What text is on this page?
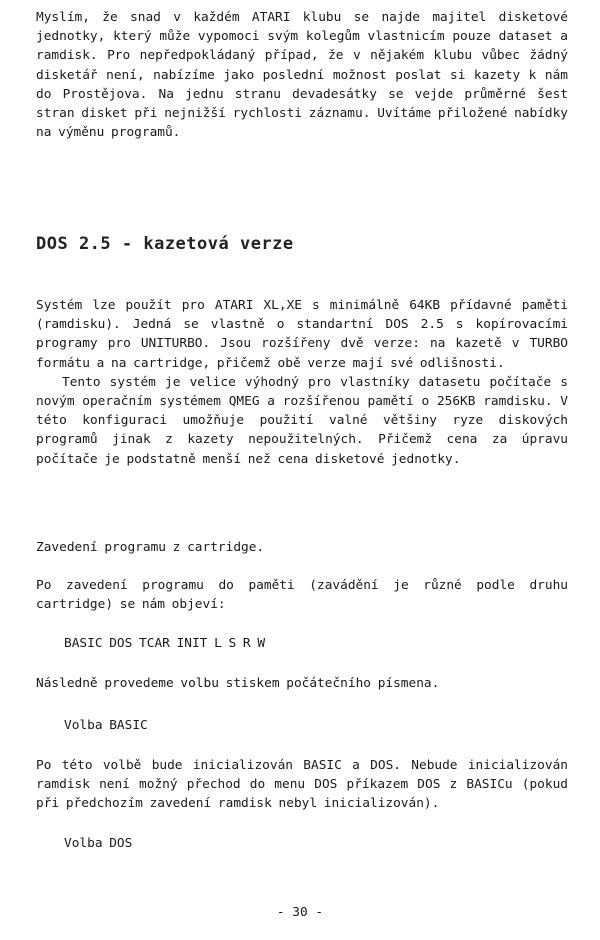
Myslím, že snad v každém ATARI klubu se najde majitel disketové jednotky, který může vypomoci svým kolegům vlastnicím pouze dataset a ramdisk. Pro nepředpokládaný případ, že v nějakém klubu vůbec žádný disketář není, nabízíme jako poslední možnost poslat si kazety k nám do Prostějova. Na jednu stranu devadesátky se vejde průměrné šest stran disket při nejnižší rychlosti záznamu. Uvítáme přiložené nabídky na výměnu programů.

DOS 2.5 - kazetová verze

Systém lze použít pro ATARI XL,XE s minimálně 64KB přídavné paměti (ramdisku). Jedná se vlastně o standartní DOS 2.5 s kopírovacími programy pro UNITURBO. Jsou rozšířeny dvě verze: na kazetě v TURBO formátu a na cartridge, přičemž obě verze mají své odlišnosti.

Tento systém je velice výhodný pro vlastníky datasetu počítače s novým operačním systémem QMEG a rozšířenou pamětí o 256KB ramdisku. V této konfiguraci umožňuje použití valné většiny ryze diskových programů jinak z kazety nepoužitelných. Přičemž cena za úpravu počítače je podstatně menší než cena disketové jednotky.

Zavedení programu z cartridge.

Po zavedení programu do paměti (zavádění je různé podle druhu cartridge) se nám objeví:

BASIC DOS TCAR INIT L S R W

Následně provedeme volbu stiskem počátečního písmena.

Volba BASIC

Po této volbě bude inicializován BASIC a DOS. Nebude inicializován ramdisk není možný přechod do menu DOS příkazem DOS z BASICu (pokud při předchozím zavedení ramdisk nebyl inicializován).

Volba DOS

- 30 -
